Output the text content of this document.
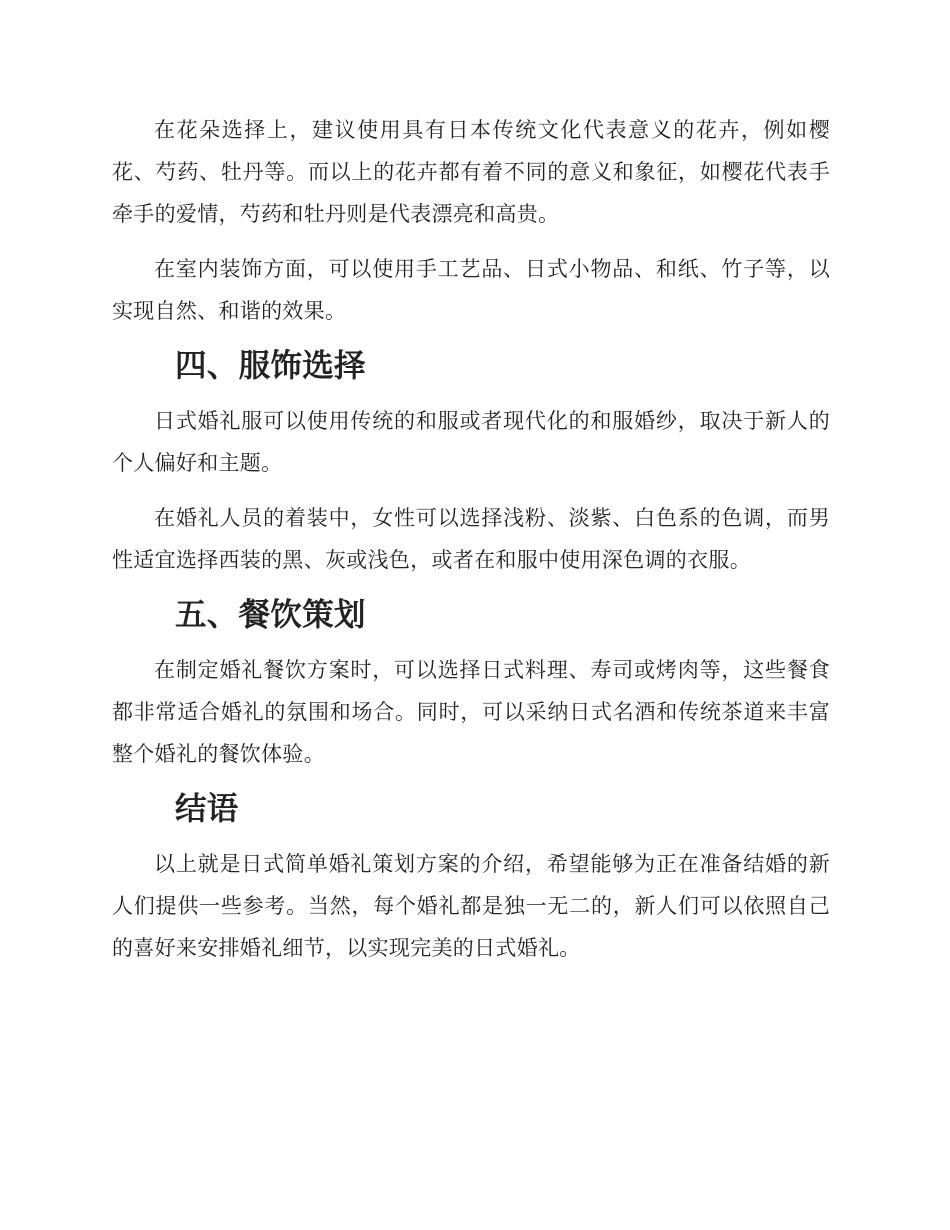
在花朵选择上，建议使用具有日本传统文化代表意义的花卉，例如樱花、芍药、牡丹等。而以上的花卉都有着不同的意义和象征，如樱花代表手牵手的爱情，芍药和牡丹则是代表漂亮和高贵。

在室内装饰方面，可以使用手工艺品、日式小物品、和纸、竹子等，以实现自然、和谐的效果。

四、服饰选择

日式婚礼服可以使用传统的和服或者现代化的和服婚纱，取决于新人的个人偏好和主题。

在婚礼人员的着装中，女性可以选择浅粉、淡紫、白色系的色调，而男性适宜选择西装的黑、灰或浅色，或者在和服中使用深色调的衣服。

五、餐饮策划

在制定婚礼餐饮方案时，可以选择日式料理、寿司或烤肉等，这些餐食都非常适合婚礼的氛围和场合。同时，可以采纳日式名酒和传统茶道来丰富整个婚礼的餐饮体验。

结语

以上就是日式简单婚礼策划方案的介绍，希望能够为正在准备结婚的新人们提供一些参考。当然，每个婚礼都是独一无二的，新人们可以依照自己的喜好来安排婚礼细节，以实现完美的日式婚礼。
